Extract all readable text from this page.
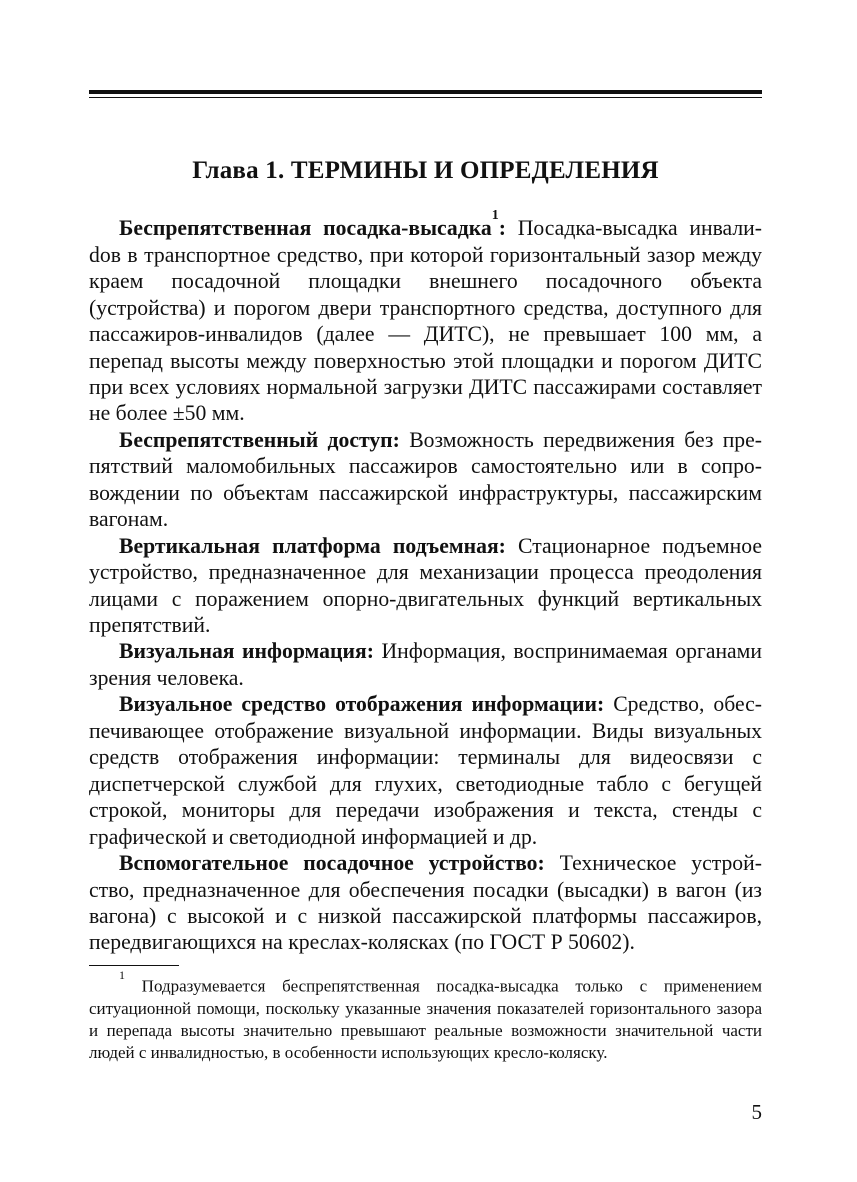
Глава 1. ТЕРМИНЫ И ОПРЕДЕЛЕНИЯ

Беспрепятственная посадка-высадка$^1$: Посадка-высадка инвалиdов в транспортное средство, при которой горизонтальный зазор между краем посадочной площадки внешнего посадочного объекта (устройства) и порогом двери транспортного средства, доступного для пассажиров-инвалидов (далее — ДИТС), не превышает 100 мм, а перепад высоты между поверхностью этой площадки и порогом ДИТС при всех условиях нормальной загрузки ДИТС пассажирами составляет не более ±50 мм.

Беспрепятственный доступ: Возможность передвижения без препятствий маломобильных пассажиров самостоятельно или в сопровождении по объектам пассажирской инфраструктуры, пассажирским вагонам.

Вертикальная платформа подъемная: Стационарное подъемное устройство, предназначенное для механизации процесса преодоления лицами с поражением опорно-двигательных функций вертикальных препятствий.

Визуальная информация: Информация, воспринимаемая органами зрения человека.

Визуальное средство отображения информации: Средство, обеспечивающее отображение визуальной информации. Виды визуальных средств отображения информации: терминалы для видеосвязи с диспетчерской службой для глухих, светодиодные табло с бегущей строкой, мониторы для передачи изображения и текста, стенды с графической и светодиодной информацией и др.

Вспомогательное посадочное устройство: Техническое устройство, предназначенное для обеспечения посадки (высадки) в вагон (из вагона) с высокой и с низкой пассажирской платформы пассажиров, передвигающихся на креслах-колясках (по ГОСТ Р 50602).

$^1$ Подразумевается беспрепятственная посадка-высадка только с применением ситуационной помощи, поскольку указанные значения показателей горизонтального зазора и перепада высоты значительно превышают реальные возможности значительной части людей с инвалидностью, в особенности использующих кресло-коляску.

5
